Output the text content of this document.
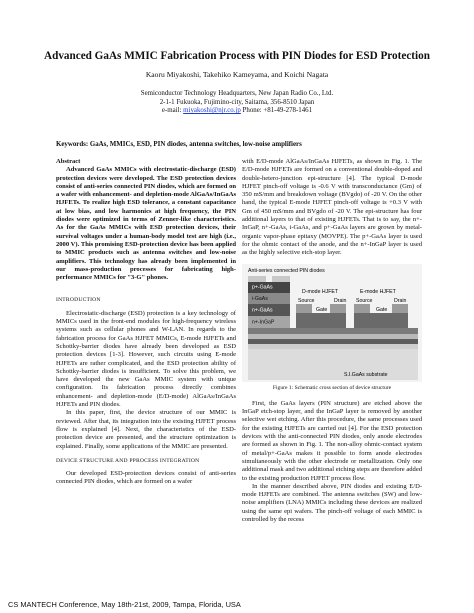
Advanced GaAs MMIC Fabrication Process with PIN Diodes for ESD Protection
Kaoru Miyakoshi, Takehiko Kameyama, and Koichi Nagata
Semiconductor Technology Headquarters, New Japan Radio Co., Ltd.
2-1-1 Fukuoka, Fujimino-city, Saitama, 356-8510 Japan
e-mail: miyakoshi@njr.co.jp Phone: +81-49-278-1461
Keywords: GaAs, MMICs, ESD, PIN diodes, antenna switches, low-noise amplifiers

Abstract

Advanced GaAs MMICs with electrostatic-discharge (ESD) protection devices were developed. The ESD protection devices consist of anti-series connected PIN diodes, which are formed on a wafer with enhancement- and depletion-mode AlGaAs/InGaAs HJFETs. To realize high ESD tolerance, a constant capacitance at low bias, and low harmonics at high frequency, the PIN diodes were optimized in terms of Zenner-like characteristics. As for the GaAs MMICs with ESD protection devices, their survival voltages under a human-body model test are high (i.e., 2000 V). This promising ESD-protection device has been applied to MMIC products such as antenna switches and low-noise amplifiers. This technology has already been implemented in our mass-production processes for fabricating high-performance MMICs for "3-G" phones.

INTRODUCTION

Electrostatic-discharge (ESD) protection is a key technology of MMICs used in the front-end modules for high-frequency wireless systems such as cellular phones and W-LAN. In regards to the fabrication process for GaAs HJFET MMICs, E-mode HJFETs and Schottky-barrier diodes have already been developed as ESD protection devices [1-3]. However, such circuits using E-mode HJFETs are rather complicated, and the ESD protection ability of Schottky-barrier diodes is insufficient. To solve this problem, we have developed the new GaAs MMIC system with unique configuration. Its fabrication process directly combines enhancement- and depletion-mode (E/D-mode) AlGaAs/InGaAs HJFETs and PIN diodes.

In this paper, first, the device structure of our MMIC is reviewed. After that, its integration into the existing HJFET process flow is explained [4]. Next, the characteristics of the ESD-protection device are presented, and the structure optimization is explained. Finally, some applications of the MMIC are presented.

DEVICE STRUCTURE AND PPROCESS INTEGRATION

Our developed ESD-protection devices consist of anti-series connected PIN diodes, which are formed on a wafer

with E/D-mode AlGaAs/InGaAs HJFETs, as shown in Fig. 1. The E/D-mode HJFETs are formed on a conventional double-doped and double-hetero-junction epi-structure [4]. The typical D-mode HJFET pinch-off voltage is -0.6 V with transconductance (Gm) of 350 mS/mm and breakdown voltage (BVgdo) of -20 V. On the other hand, the typical E-mode HJFET pinch-off voltage is +0.3 V with Gm of 450 mS/mm and BVgdo of -20 V. The epi-structure has four additional layers to that of existing HJFETs. That is to say, the n+-InGaP, n+-GaAs, i-GaAs, and p+-GaAs layers are grown by metal-organic vapor-phase epitaxy (MOVPE). The p+-GaAs layer is used for the ohmic contact of the anode, and the n+-InGaP layer is used as the highly selective etch-stop layer.

Anti-series connected PIN diodes
S.I.GaAs substrate
p+-GaAs
i-GaAs
n+-GaAs
n+-InGaP
D-mode HJFET
Source
Gate
Drain
E-mode HJFET
Source
Gate
Drain

Figure 1: Schematic cross section of device structure

First, the GaAs layers (PIN structure) are etched above the InGaP etch-stop layer, and the InGaP layer is removed by another selective wet etching. After this procedure, the same processes used for the existing HJFETs are carried out [4]. For the ESD protection devices with the anti-connected PIN diodes, only anode electrodes are formed as shown in Fig. 1. The non-alloy ohmic-contact system of metal/p+-GaAs makes it possible to form anode electrodes simultaneously with the other electrode or metallization. Only one additional mask and two additional etching steps are therefore added to the existing production HJFET process flow.

In the manner described above, PIN diodes and existing E/D-mode HJFETs are combined. The antenna switches (SW) and low-noise amplifiers (LNA) MMICs including these devices are realized using the same epi wafers. The pinch-off voltage of each MMIC is controlled by the recess

CS MANTECH Conference, May 18th-21st, 2009, Tampa, Florida, USA
